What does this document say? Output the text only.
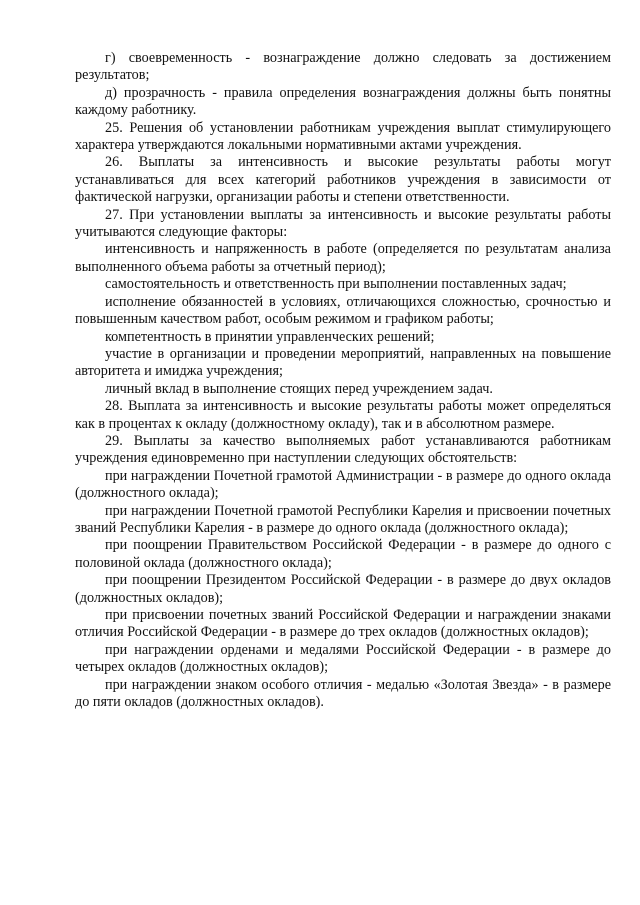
г) своевременность - вознаграждение должно следовать за достижением результатов;

д) прозрачность - правила определения вознаграждения должны быть понятны каждому работнику.

25. Решения об установлении работникам учреждения выплат стимулирующего характера утверждаются локальными нормативными актами учреждения.

26. Выплаты за интенсивность и высокие результаты работы могут устанавливаться для всех категорий работников учреждения в зависимости от фактической нагрузки, организации работы и степени ответственности.

27. При установлении выплаты за интенсивность и высокие результаты работы учитываются следующие факторы:

интенсивность и напряженность в работе (определяется по результатам анализа выполненного объема работы за отчетный период);

самостоятельность и ответственность при выполнении поставленных задач;

исполнение обязанностей в условиях, отличающихся сложностью, срочностью и повышенным качеством работ, особым режимом и графиком работы;

компетентность в принятии управленческих решений;

участие в организации и проведении мероприятий, направленных на повышение авторитета и имиджа учреждения;

личный вклад в выполнение стоящих перед учреждением задач.

28. Выплата за интенсивность и высокие результаты работы может определяться как в процентах к окладу (должностному окладу), так и в абсолютном размере.

29. Выплаты за качество выполняемых работ устанавливаются работникам учреждения единовременно при наступлении следующих обстоятельств:

при награждении Почетной грамотой Администрации - в размере до одного оклада (должностного оклада);

при награждении Почетной грамотой Республики Карелия и присвоении почетных званий Республики Карелия - в размере до одного оклада (должностного оклада);

при поощрении Правительством Российской Федерации - в размере до одного с половиной оклада (должностного оклада);

при поощрении Президентом Российской Федерации - в размере до двух окладов (должностных окладов);

при присвоении почетных званий Российской Федерации и награждении знаками отличия Российской Федерации - в размере до трех окладов (должностных окладов);

при награждении орденами и медалями Российской Федерации - в размере до четырех окладов (должностных окладов);

при награждении знаком особого отличия - медалью «Золотая Звезда» - в размере до пяти окладов (должностных окладов).
